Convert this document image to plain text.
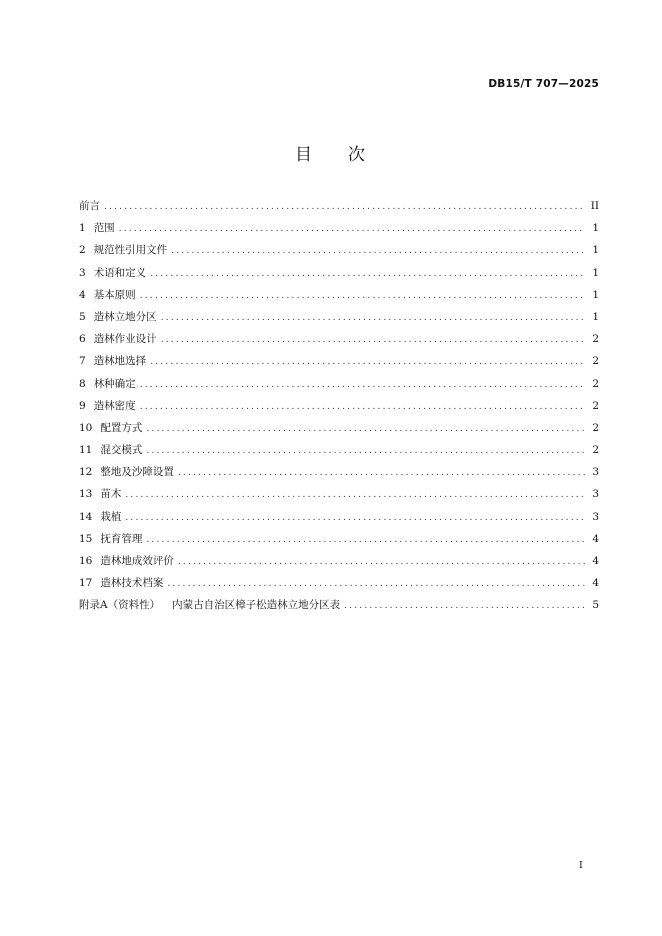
DB15/T 707—2025
目 次
前言 .....	II
1 范围 .....	1
2 规范性引用文件 .....	1
3 术语和定义 .....	1
4 基本原则 .....	1
5 造林立地分区 .....	1
6 造林作业设计 .....	2
7 造林地选择 .....	2
8 林种确定 .....	2
9 造林密度 .....	2
10 配置方式 .....	2
11 混交模式 .....	2
12 整地及沙障设置 .....	3
13 苗木 .....	3
14 栽植 .....	3
15 抚育管理 .....	4
16 造林地成效评价 .....	4
17 造林技术档案 .....	4
附录A（资料性） 内蒙古自治区樟子松造林立地分区表 .....	5
I
